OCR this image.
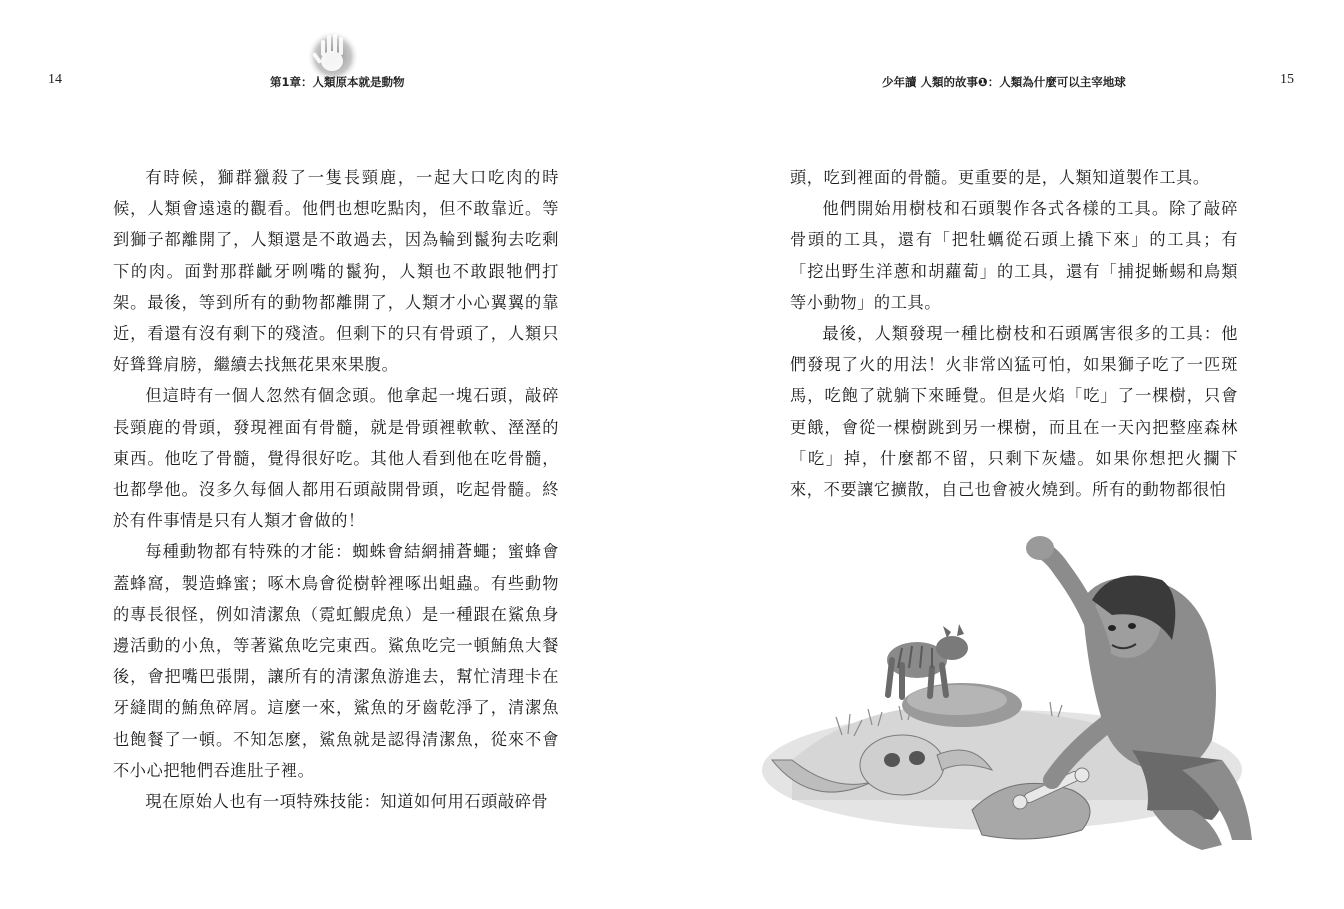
14	第1章：人類原本就是動物

有時候，獅群獵殺了一隻長頸鹿，一起大口吃肉的時候，人類會遠遠的觀看。他們也想吃點肉，但不敢靠近。等到獅子都離開了，人類還是不敢過去，因為輪到鬣狗去吃剩下的肉。面對那群齜牙咧嘴的鬣狗，人類也不敢跟牠們打架。最後，等到所有的動物都離開了，人類才小心翼翼的靠近，看還有沒有剩下的殘渣。但剩下的只有骨頭了，人類只好聳聳肩膀，繼續去找無花果來果腹。

但這時有一個人忽然有個念頭。他拿起一塊石頭，敲碎長頸鹿的骨頭，發現裡面有骨髓，就是骨頭裡軟軟、溼溼的東西。他吃了骨髓，覺得很好吃。其他人看到他在吃骨髓，也都學他。沒多久每個人都用石頭敲開骨頭，吃起骨髓。終於有件事情是只有人類才會做的！

每種動物都有特殊的才能：蜘蛛會結網捕蒼蠅；蜜蜂會蓋蜂窩，製造蜂蜜；啄木鳥會從樹幹裡啄出蛆蟲。有些動物的專長很怪，例如清潔魚（霓虹鰕虎魚）是一種跟在鯊魚身邊活動的小魚，等著鯊魚吃完東西。鯊魚吃完一頓鮪魚大餐後，會把嘴巴張開，讓所有的清潔魚游進去，幫忙清理卡在牙縫間的鮪魚碎屑。這麼一來，鯊魚的牙齒乾淨了，清潔魚也飽餐了一頓。不知怎麼，鯊魚就是認得清潔魚，從來不會不小心把牠們吞進肚子裡。

現在原始人也有一項特殊技能：知道如何用石頭敲碎骨

少年讀 人類的故事❶：人類為什麼可以主宰地球	15

頭，吃到裡面的骨髓。更重要的是，人類知道製作工具。

他們開始用樹枝和石頭製作各式各樣的工具。除了敲碎骨頭的工具，還有「把牡蠣從石頭上撬下來」的工具；有「挖出野生洋蔥和胡蘿蔔」的工具，還有「捕捉蜥蜴和鳥類等小動物」的工具。

最後，人類發現一種比樹枝和石頭厲害很多的工具：他們發現了火的用法！火非常凶猛可怕，如果獅子吃了一匹斑馬，吃飽了就躺下來睡覺。但是火焰「吃」了一棵樹，只會更餓，會從一棵樹跳到另一棵樹，而且在一天內把整座森林「吃」掉，什麼都不留，只剩下灰燼。如果你想把火攔下來，不要讓它擴散，自己也會被火燒到。所有的動物都很怕
